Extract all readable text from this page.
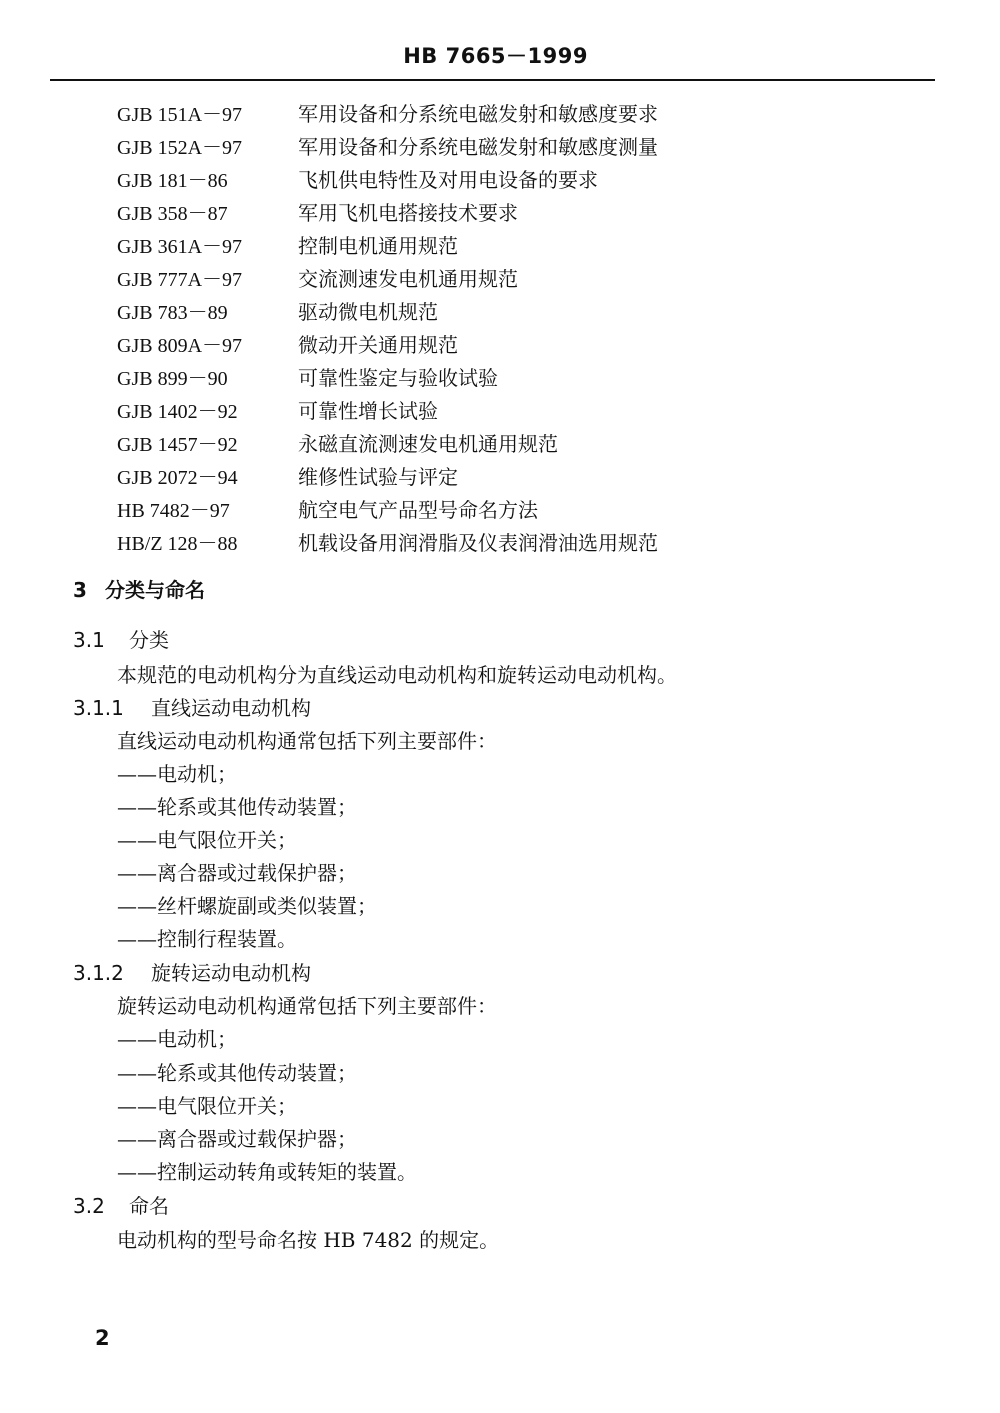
HB 7665－1999
GJB 151A－97	军用设备和分系统电磁发射和敏感度要求
GJB 152A－97	军用设备和分系统电磁发射和敏感度测量
GJB 181－86	飞机供电特性及对用电设备的要求
GJB 358－87	军用飞机电搭接技术要求
GJB 361A－97	控制电机通用规范
GJB 777A－97	交流测速发电机通用规范
GJB 783－89	驱动微电机规范
GJB 809A－97	微动开关通用规范
GJB 899－90	可靠性鉴定与验收试验
GJB 1402－92	可靠性增长试验
GJB 1457－92	永磁直流测速发电机通用规范
GJB 2072－94	维修性试验与评定
HB 7482－97	航空电气产品型号命名方法
HB/Z 128－88	机载设备用润滑脂及仪表润滑油选用规范
3 分类与命名
3.1 分类
本规范的电动机构分为直线运动电动机构和旋转运动电动机构。
3.1.1 直线运动电动机构
直线运动电动机构通常包括下列主要部件：
——电动机；
——轮系或其他传动装置；
——电气限位开关；
——离合器或过载保护器；
——丝杆螺旋副或类似装置；
——控制行程装置。
3.1.2 旋转运动电动机构
旋转运动电动机构通常包括下列主要部件：
——电动机；
——轮系或其他传动装置；
——电气限位开关；
——离合器或过载保护器；
——控制运动转角或转矩的装置。
3.2 命名
电动机构的型号命名按 HB 7482 的规定。
2
